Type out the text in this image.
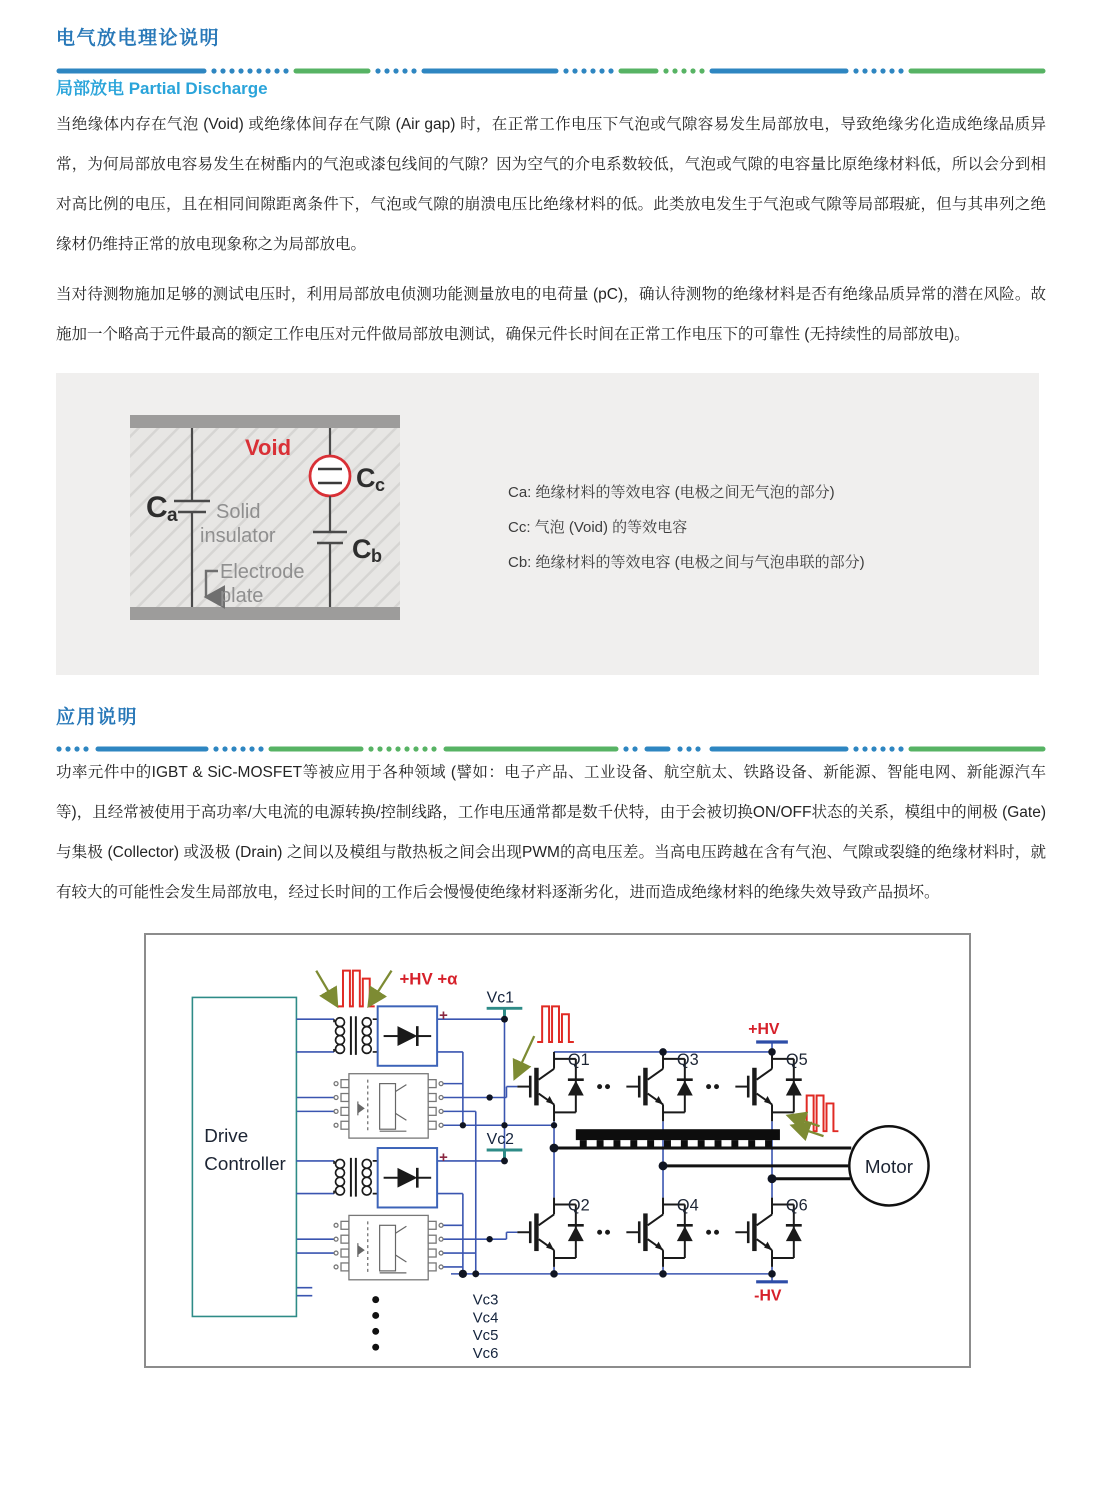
电气放电理论说明
局部放电 Partial Discharge

当绝缘体内存在气泡 (Void) 或绝缘体间存在气隙 (Air gap) 时，在正常工作电压下气泡或气隙容易发生局部放电，导致绝缘劣化造成绝缘品质异常，为何局部放电容易发生在树酯内的气泡或漆包线间的气隙？因为空气的介电系数较低，气泡或气隙的电容量比原绝缘材料低，所以会分到相对高比例的电压，且在相同间隙距离条件下，气泡或气隙的崩溃电压比绝缘材料的低。此类放电发生于气泡或气隙等局部瑕疵，但与其串列之绝缘材仍维持正常的放电现象称之为局部放电。

当对待测物施加足够的测试电压时，利用局部放电侦测功能测量放电的电荷量 (pC)，确认待测物的绝缘材料是否有绝缘品质异常的潜在风险。故施加一个略高于元件最高的额定工作电压对元件做局部放电测试，确保元件长时间在正常工作电压下的可靠性 (无持续性的局部放电)。

Void
C a
C c
C b
Solid
insulator
Electrode
plate
Ca: 绝缘材料的等效电容 (电极之间无气泡的部分)
Cc: 气泡 (Void) 的等效电容
Cb: 绝缘材料的等效电容 (电极之间与气泡串联的部分)
应用说明

功率元件中的IGBT & SiC-MOSFET等被应用于各种领域 (譬如：电子产品、工业设备、航空航太、铁路设备、新能源、智能电网、新能源汽车等)，且经常被使用于高功率/大电流的电源转换/控制线路，工作电压通常都是数千伏特，由于会被切换ON/OFF状态的关系，模组中的闸极 (Gate) 与集极 (Collector) 或汲极 (Drain) 之间以及模组与散热板之间会出现PWM的高电压差。当高电压跨越在含有气泡、气隙或裂缝的绝缘材料时，就有较大的可能性会发生局部放电，经过长时间的工作后会慢慢使绝缘材料逐渐劣化，进而造成绝缘材料的绝缘失效导致产品损坏。

Drive
Controller
+
+	Motor
+HV +α
+HV
-HV
Vc1
Vc2
Vc3
Vc4
Vc5
Vc6
Q1	Q3	Q5
Q2	Q4	Q6
